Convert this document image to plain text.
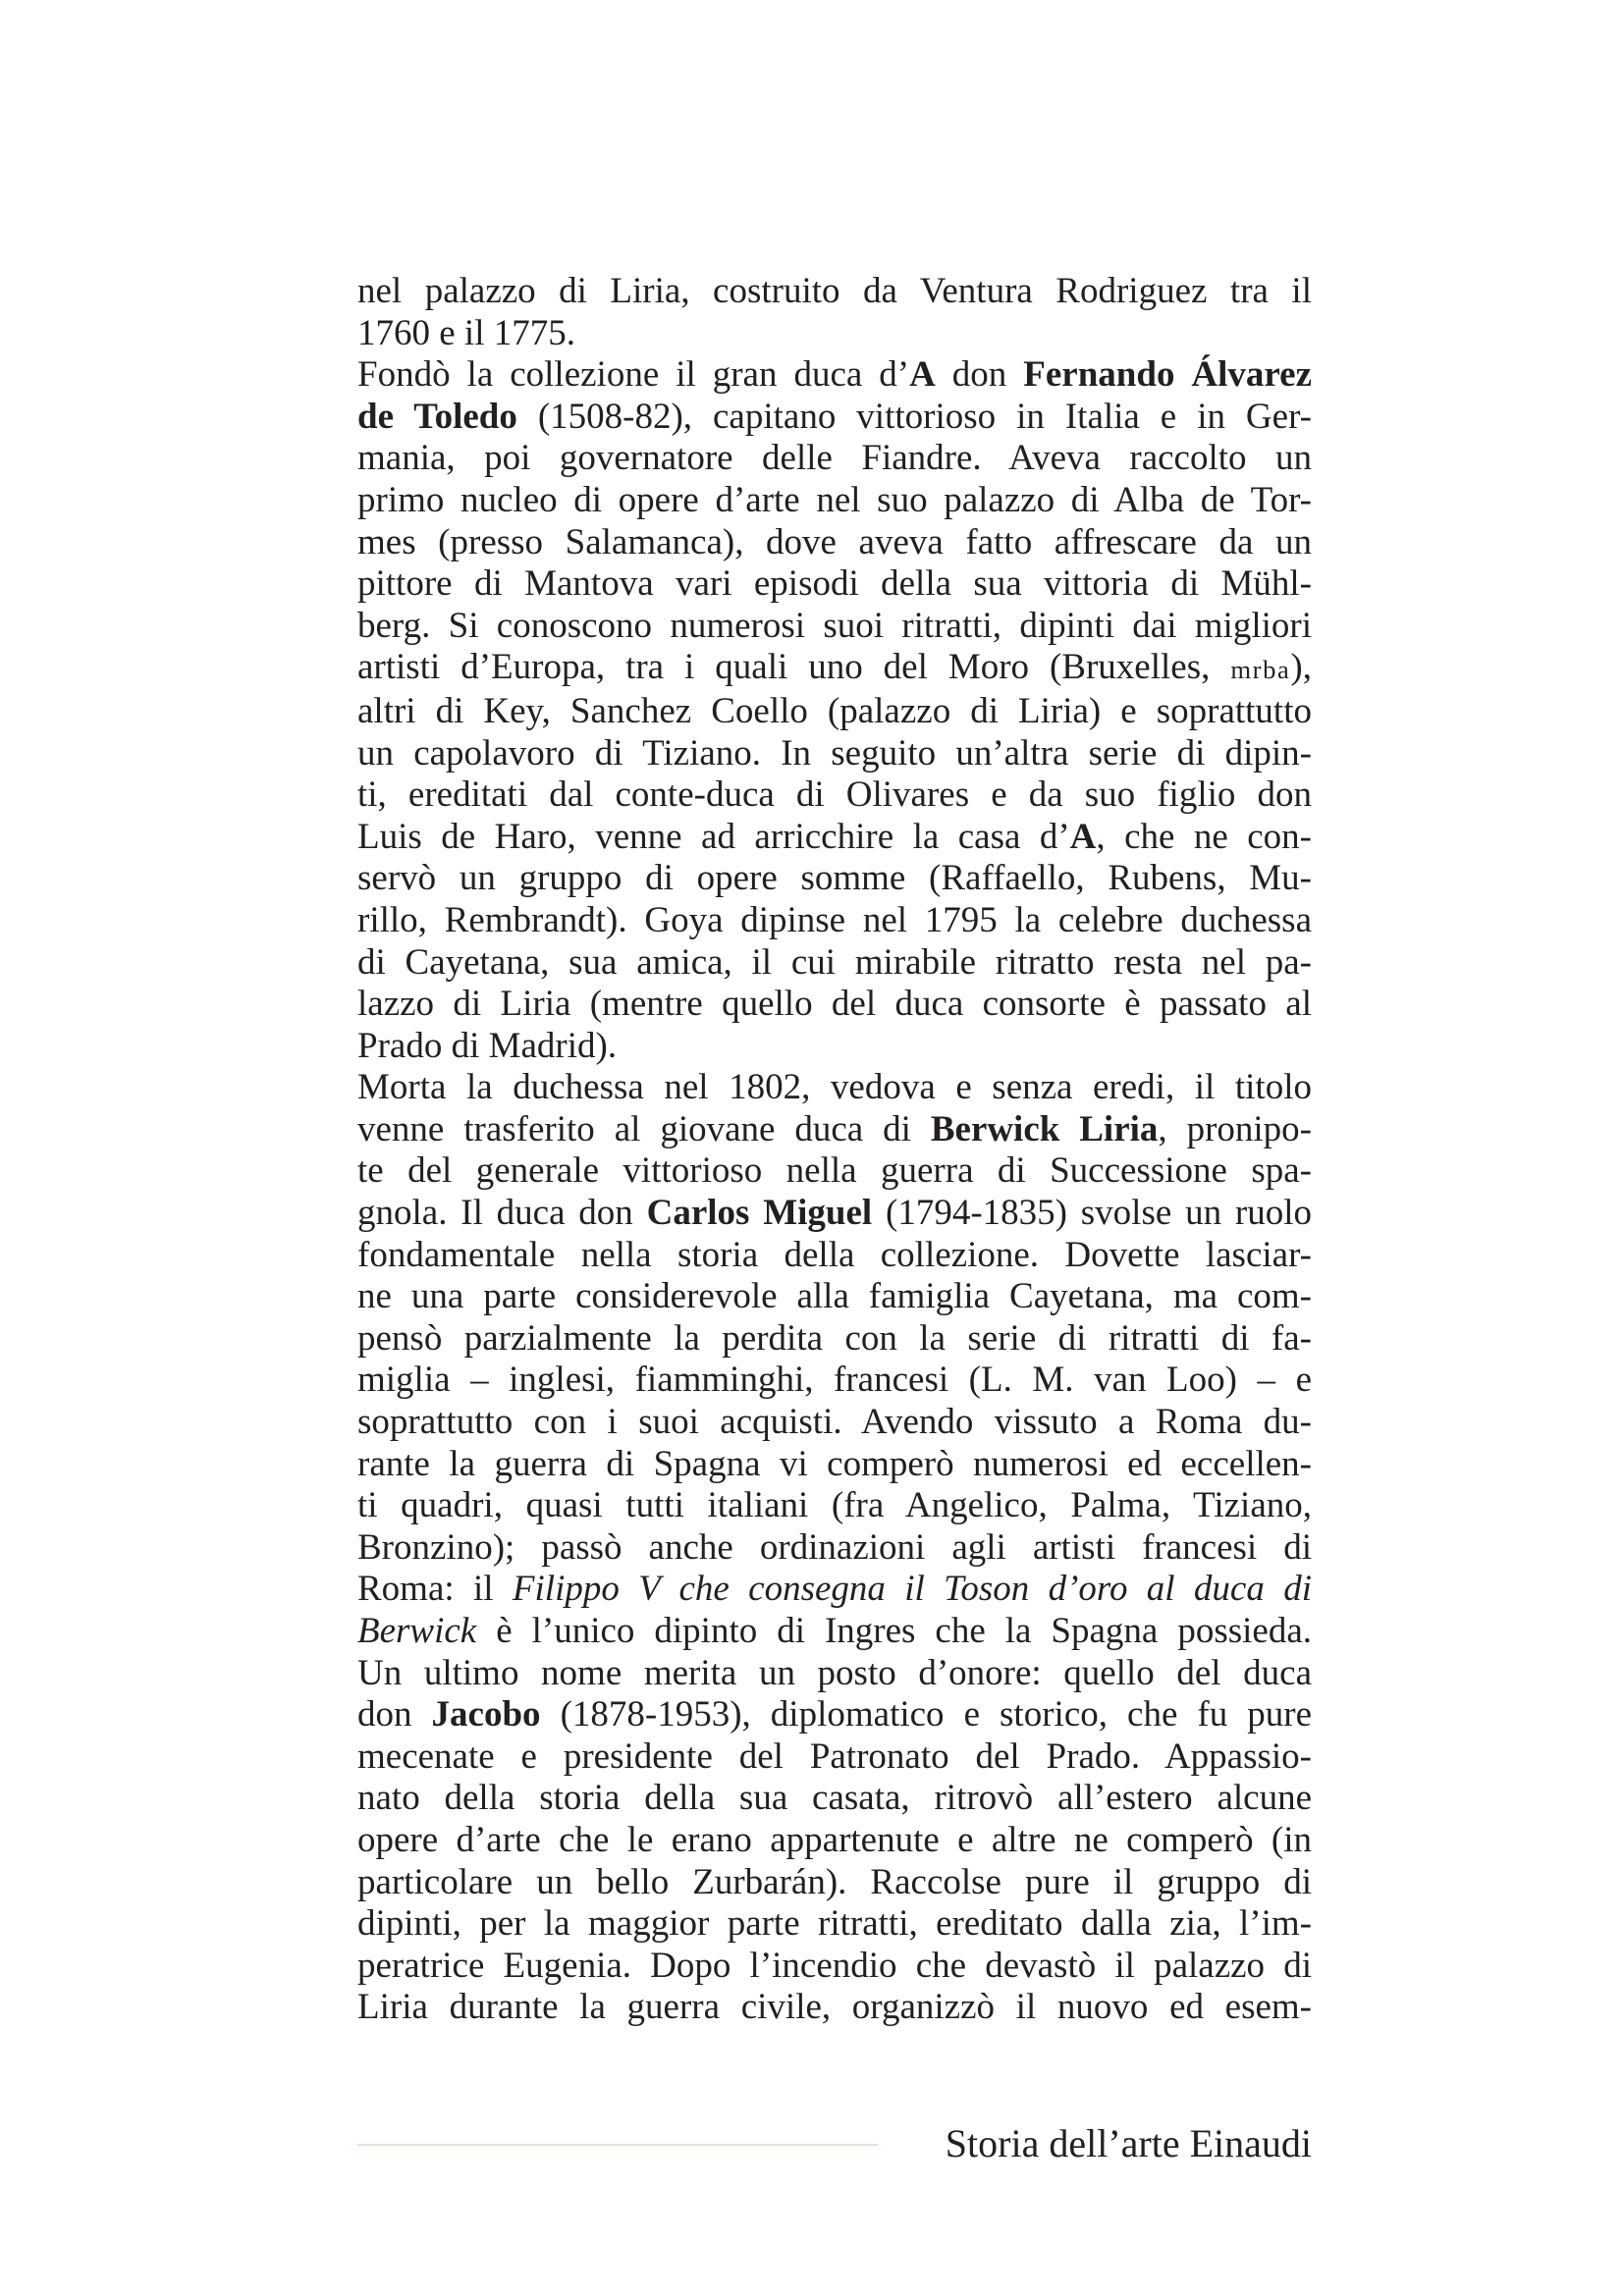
nel palazzo di Liria, costruito da Ventura Rodriguez tra il
1760 e il 1775.
Fondò la collezione il gran duca d’A don Fernando Álvarez
de Toledo (1508-82), capitano vittorioso in Italia e in Ger-
mania, poi governatore delle Fiandre. Aveva raccolto un
primo nucleo di opere d’arte nel suo palazzo di Alba de Tor-
mes (presso Salamanca), dove aveva fatto affrescare da un
pittore di Mantova vari episodi della sua vittoria di Mühl-
berg. Si conoscono numerosi suoi ritratti, dipinti dai migliori
artisti d’Europa, tra i quali uno del Moro (Bruxelles, mrba),
altri di Key, Sanchez Coello (palazzo di Liria) e soprattutto
un capolavoro di Tiziano. In seguito un’altra serie di dipin-
ti, ereditati dal conte-duca di Olivares e da suo figlio don
Luis de Haro, venne ad arricchire la casa d’A, che ne con-
servò un gruppo di opere somme (Raffaello, Rubens, Mu-
rillo, Rembrandt). Goya dipinse nel 1795 la celebre duchessa
di Cayetana, sua amica, il cui mirabile ritratto resta nel pa-
lazzo di Liria (mentre quello del duca consorte è passato al
Prado di Madrid).
Morta la duchessa nel 1802, vedova e senza eredi, il titolo
venne trasferito al giovane duca di Berwick Liria, pronipo-
te del generale vittorioso nella guerra di Successione spa-
gnola. Il duca don Carlos Miguel (1794-1835) svolse un ruolo
fondamentale nella storia della collezione. Dovette lasciar-
ne una parte considerevole alla famiglia Cayetana, ma com-
pensò parzialmente la perdita con la serie di ritratti di fa-
miglia – inglesi, fiamminghi, francesi (L. M. van Loo) – e
soprattutto con i suoi acquisti. Avendo vissuto a Roma du-
rante la guerra di Spagna vi comperò numerosi ed eccellen-
ti quadri, quasi tutti italiani (fra Angelico, Palma, Tiziano,
Bronzino); passò anche ordinazioni agli artisti francesi di
Roma: il Filippo V che consegna il Toson d’oro al duca di
Berwick è l’unico dipinto di Ingres che la Spagna possieda.
Un ultimo nome merita un posto d’onore: quello del duca
don Jacobo (1878-1953), diplomatico e storico, che fu pure
mecenate e presidente del Patronato del Prado. Appassio-
nato della storia della sua casata, ritrovò all’estero alcune
opere d’arte che le erano appartenute e altre ne comperò (in
particolare un bello Zurbarán). Raccolse pure il gruppo di
dipinti, per la maggior parte ritratti, ereditato dalla zia, l’im-
peratrice Eugenia. Dopo l’incendio che devastò il palazzo di
Liria durante la guerra civile, organizzò il nuovo ed esem-
Storia dell’arte Einaudi
